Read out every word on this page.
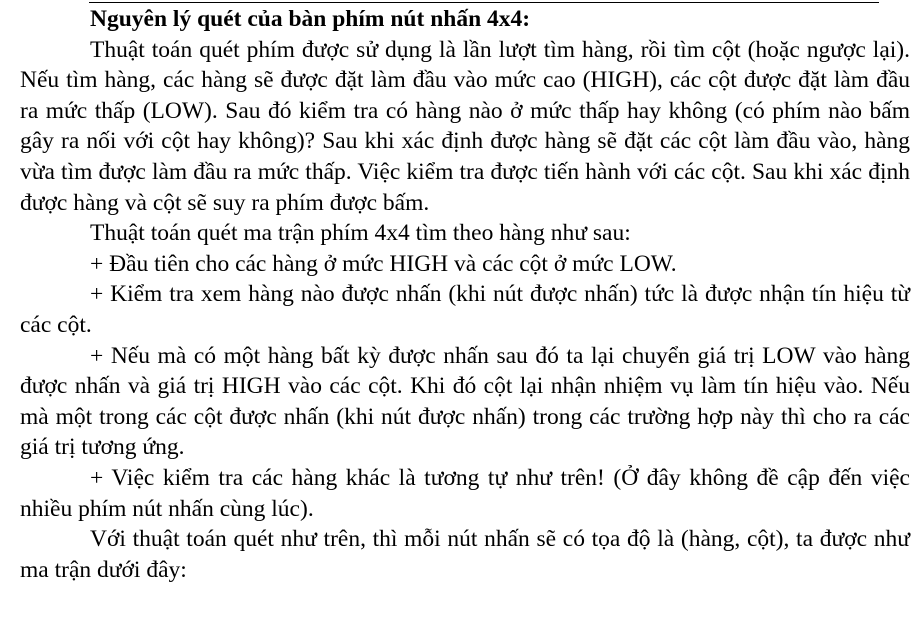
Nguyên lý quét của bàn phím nút nhấn 4x4:

Thuật toán quét phím được sử dụng là lần lượt tìm hàng, rồi tìm cột (hoặc ngược lại). Nếu tìm hàng, các hàng sẽ được đặt làm đầu vào mức cao (HIGH), các cột được đặt làm đầu ra mức thấp (LOW). Sau đó kiểm tra có hàng nào ở mức thấp hay không (có phím nào bấm gây ra nối với cột hay không)? Sau khi xác định được hàng sẽ đặt các cột làm đầu vào, hàng vừa tìm được làm đầu ra mức thấp. Việc kiểm tra được tiến hành với các cột. Sau khi xác định được hàng và cột sẽ suy ra phím được bấm.

Thuật toán quét ma trận phím 4x4 tìm theo hàng như sau:

+ Đầu tiên cho các hàng ở mức HIGH và các cột ở mức LOW.

+ Kiểm tra xem hàng nào được nhấn (khi nút được nhấn) tức là được nhận tín hiệu từ các cột.

+ Nếu mà có một hàng bất kỳ được nhấn sau đó ta lại chuyển giá trị LOW vào hàng được nhấn và giá trị HIGH vào các cột. Khi đó cột lại nhận nhiệm vụ làm tín hiệu vào. Nếu mà một trong các cột được nhấn (khi nút được nhấn) trong các trường hợp này thì cho ra các giá trị tương ứng.

+ Việc kiểm tra các hàng khác là tương tự như trên! (Ở đây không đề cập đến việc nhiều phím nút nhấn cùng lúc).

Với thuật toán quét như trên, thì mỗi nút nhấn sẽ có tọa độ là (hàng, cột), ta được như ma trận dưới đây:
